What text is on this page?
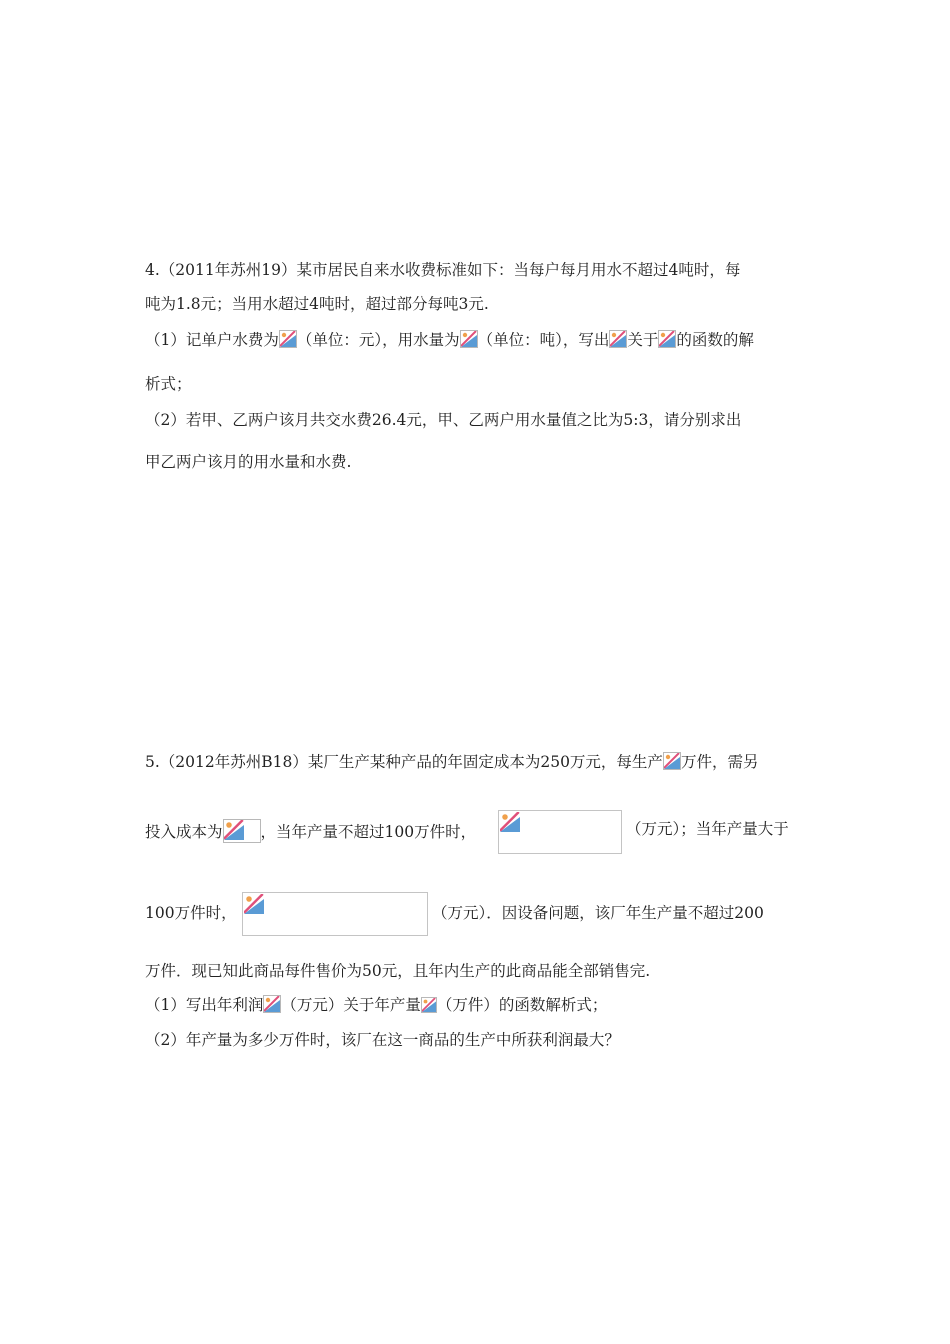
4.（2011年苏州19）某市居民自来水收费标准如下：当每户每月用水不超过4吨时，每
吨为1.8元；当用水超过4吨时，超过部分每吨3元.
（1）记单户水费为 （单位：元），用水量为 （单位：吨），写出 关于 的函数的解
析式；
（2）若甲、乙两户该月共交水费26.4元，甲、乙两户用水量值之比为5:3，请分别求出
甲乙两户该月的用水量和水费.
5.（2012年苏州B18）某厂生产某种产品的年固定成本为250万元，每生产 万件，需另
投入成本为 ，当年产量不超过100万件时，	（万元）；当年产量大于
100万件时，	（万元）．因设备问题，该厂年生产量不超过200
万件．现已知此商品每件售价为50元，且年内生产的此商品能全部销售完.
（1）写出年利润 （万元）关于年产量 （万件）的函数解析式；
（2）年产量为多少万件时，该厂在这一商品的生产中所获利润最大？
